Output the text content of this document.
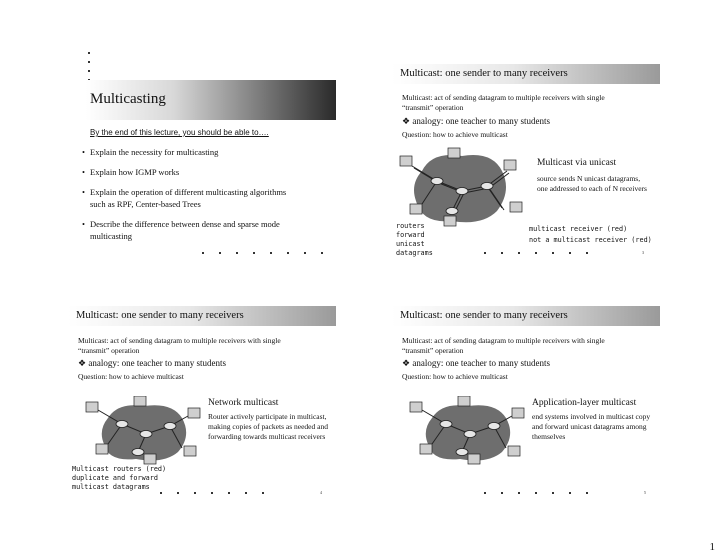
Multicasting
By the end of this lecture, you should be able to….
• Explain the necessity for multicasting
• Explain how IGMP works
• Explain the operation of different multicasting algorithms such as RPF, Center-based Trees
• Describe the difference between dense and sparse mode multicasting
Multicast: one sender to many receivers
Multicast: act of sending datagram to multiple receivers with single “transmit” operation
❖ analogy: one teacher to many students
Question: how to achieve multicast
Multicast via unicast
source sends N unicast datagrams, one addressed to each of N receivers
routers forward unicast datagrams
multicast receiver (red)
not a multicast receiver (red)
3
Multicast: one sender to many receivers
Multicast: act of sending datagram to multiple receivers with single “transmit” operation
❖ analogy: one teacher to many students
Question: how to achieve multicast
Network multicast
Router actively participate in multicast, making copies of packets as needed and forwarding towards multicast receivers
Multicast routers (red) duplicate and forward multicast datagrams
4
Multicast: one sender to many receivers
Multicast: act of sending datagram to multiple receivers with single “transmit” operation
❖ analogy: one teacher to many students
Question: how to achieve multicast
Application-layer multicast
end systems involved in multicast copy and forward unicast datagrams among themselves
5
1
